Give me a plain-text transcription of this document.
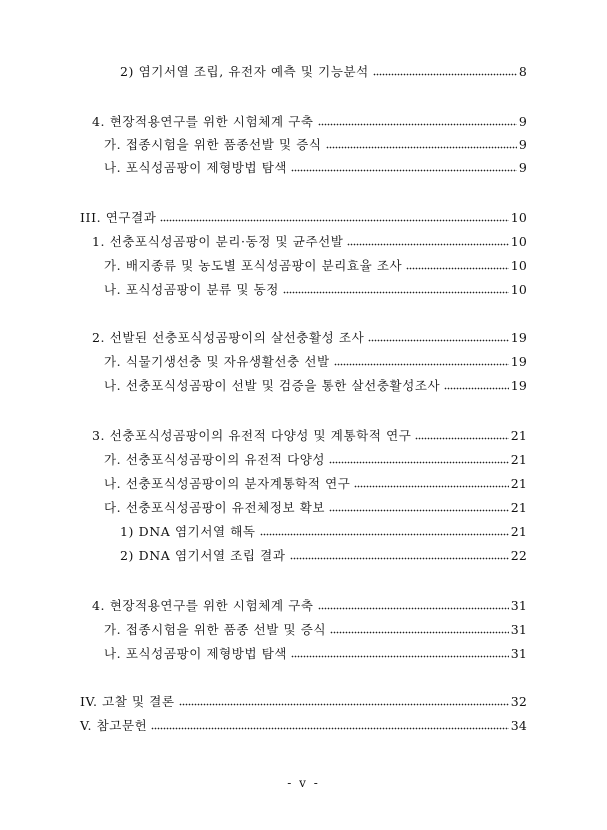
2) 염기서열 조립, 유전자 예측 및 기능분석	8
4. 현장적용연구를 위한 시험체계 구축	9
가. 접종시험을 위한 품종선발 및 증식	9
나. 포식성곰팡이 제형방법 탐색	9
III. 연구결과	10
1. 선충포식성곰팡이 분리·동정 및 균주선발	10
가. 배지종류 및 농도별 포식성곰팡이 분리효율 조사	10
나. 포식성곰팡이 분류 및 동정	10
2. 선발된 선충포식성곰팡이의 살선충활성 조사	19
가. 식물기생선충 및 자유생활선충 선발	19
나. 선충포식성곰팡이 선발 및 검증을 통한 살선충활성조사	19
3. 선충포식성곰팡이의 유전적 다양성 및 계통학적 연구	21
가. 선충포식성곰팡이의 유전적 다양성	21
나. 선충포식성곰팡이의 분자계통학적 연구	21
다. 선충포식성곰팡이 유전체정보 확보	21
1) DNA 염기서열 해독	21
2) DNA 염기서열 조립 결과	22
4. 현장적용연구를 위한 시험체계 구축	31
가. 접종시험을 위한 품종 선발 및 증식	31
나. 포식성곰팡이 제형방법 탐색	31
IV. 고찰 및 결론	32
V. 참고문헌	34
- v -
